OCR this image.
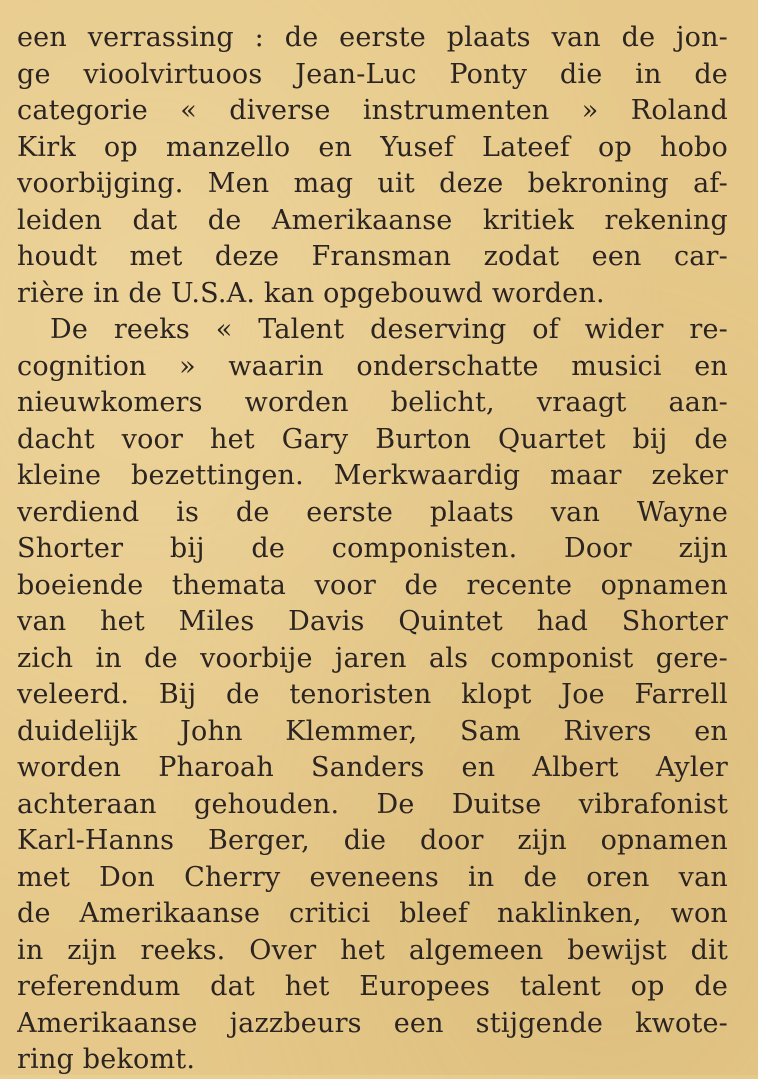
een verrassing : de eerste plaats van de jon-
ge vioolvirtuoos Jean-Luc Ponty die in de
categorie « diverse instrumenten » Roland
Kirk op manzello en Yusef Lateef op hobo
voorbijging. Men mag uit deze bekroning af-
leiden dat de Amerikaanse kritiek rekening
houdt met deze Fransman zodat een car-
rière in de U.S.A. kan opgebouwd worden.
De reeks « Talent deserving of wider re-
cognition » waarin onderschatte musici en
nieuwkomers worden belicht, vraagt aan-
dacht voor het Gary Burton Quartet bij de
kleine bezettingen. Merkwaardig maar zeker
verdiend is de eerste plaats van Wayne
Shorter bij de componisten. Door zijn
boeiende themata voor de recente opnamen
van het Miles Davis Quintet had Shorter
zich in de voorbije jaren als componist gere-
veleerd. Bij de tenoristen klopt Joe Farrell
duidelijk John Klemmer, Sam Rivers en
worden Pharoah Sanders en Albert Ayler
achteraan gehouden. De Duitse vibrafonist
Karl-Hanns Berger, die door zijn opnamen
met Don Cherry eveneens in de oren van
de Amerikaanse critici bleef naklinken, won
in zijn reeks. Over het algemeen bewijst dit
referendum dat het Europees talent op de
Amerikaanse jazzbeurs een stijgende kwote-
ring bekomt.
